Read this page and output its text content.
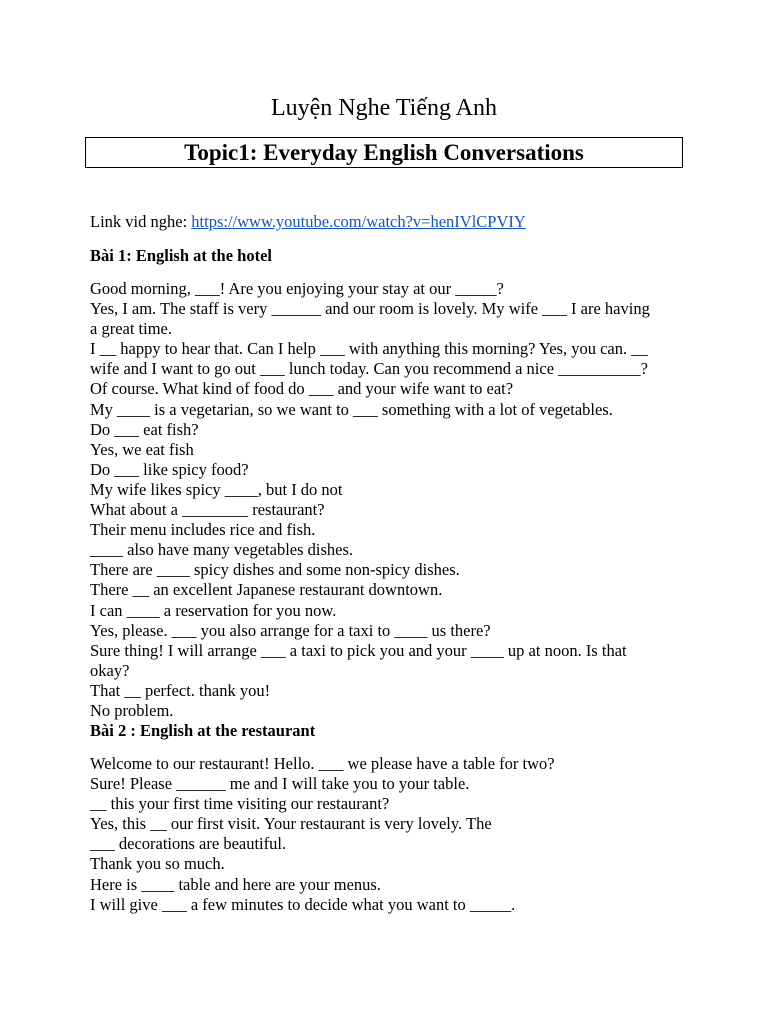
Luyện Nghe Tiếng Anh
Topic1: Everyday English Conversations
Link vid nghe: https://www.youtube.com/watch?v=henIVlCPVIY
Bài 1: English at the hotel
Good morning, ___! Are you enjoying your stay at our _____?
Yes, I am. The staff is very ______ and our room is lovely. My wife ___ I are having
a great time.
I __ happy to hear that. Can I help ___ with anything this morning? Yes, you can. __
wife and I want to go out ___ lunch today. Can you recommend a nice __________?
Of course. What kind of food do ___ and your wife want to eat?
My ____ is a vegetarian, so we want to ___ something with a lot of vegetables.
Do ___ eat fish?
Yes, we eat fish
Do ___ like spicy food?
My wife likes spicy ____, but I do not
What about a ________ restaurant?
Their menu includes rice and fish.
____ also have many vegetables dishes.
There are ____ spicy dishes and some non-spicy dishes.
There __ an excellent Japanese restaurant downtown.
I can ____ a reservation for you now.
Yes, please. ___ you also arrange for a taxi to ____ us there?
Sure thing! I will arrange ___ a taxi to pick you and your ____ up at noon. Is that
okay?
That __ perfect. thank you!
No problem.
Bài 2 : English at the restaurant
Welcome to our restaurant! Hello. ___ we please have a table for two?
Sure! Please ______ me and I will take you to your table.
__ this your first time visiting our restaurant?
Yes, this __ our first visit. Your restaurant is very lovely. The
___ decorations are beautiful.
Thank you so much.
Here is ____ table and here are your menus.
I will give ___ a few minutes to decide what you want to _____.
